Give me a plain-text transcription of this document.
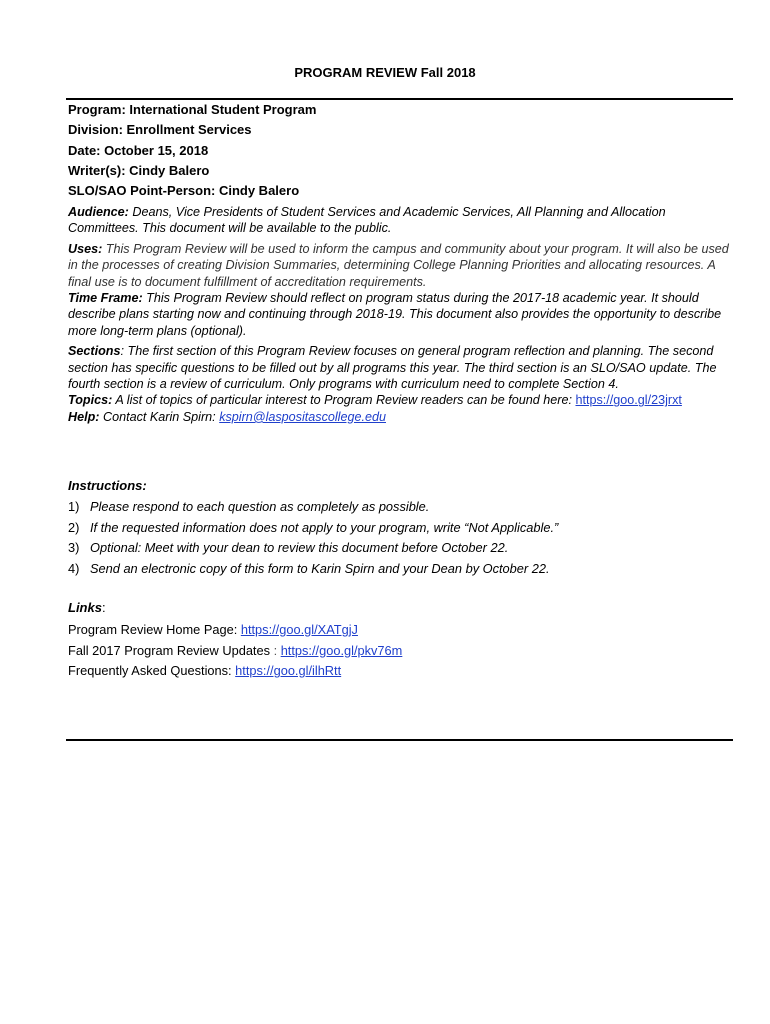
PROGRAM REVIEW Fall 2018
Program: International Student Program
Division: Enrollment Services
Date: October 15, 2018
Writer(s): Cindy Balero
SLO/SAO Point-Person: Cindy Balero

Audience: Deans, Vice Presidents of Student Services and Academic Services, All Planning and Allocation Committees. This document will be available to the public.

Uses: This Program Review will be used to inform the campus and community about your program. It will also be used in the processes of creating Division Summaries, determining College Planning Priorities and allocating resources. A final use is to document fulfillment of accreditation requirements.

Time Frame: This Program Review should reflect on program status during the 2017-18 academic year. It should describe plans starting now and continuing through 2018-19. This document also provides the opportunity to describe more long-term plans (optional).

Sections: The first section of this Program Review focuses on general program reflection and planning. The second section has specific questions to be filled out by all programs this year. The third section is an SLO/SAO update. The fourth section is a review of curriculum. Only programs with curriculum need to complete Section 4.

Topics: A list of topics of particular interest to Program Review readers can be found here: https://goo.gl/23jrxt

Help: Contact Karin Spirn: kspirn@laspositascollege.edu

Instructions:
1) Please respond to each question as completely as possible.
2) If the requested information does not apply to your program, write “Not Applicable.”
3) Optional: Meet with your dean to review this document before October 22.
4) Send an electronic copy of this form to Karin Spirn and your Dean by October 22.
Links:
Program Review Home Page: https://goo.gl/XATgjJ
Fall 2017 Program Review Updates : https://goo.gl/pkv76m
Frequently Asked Questions: https://goo.gl/ilhRtt
